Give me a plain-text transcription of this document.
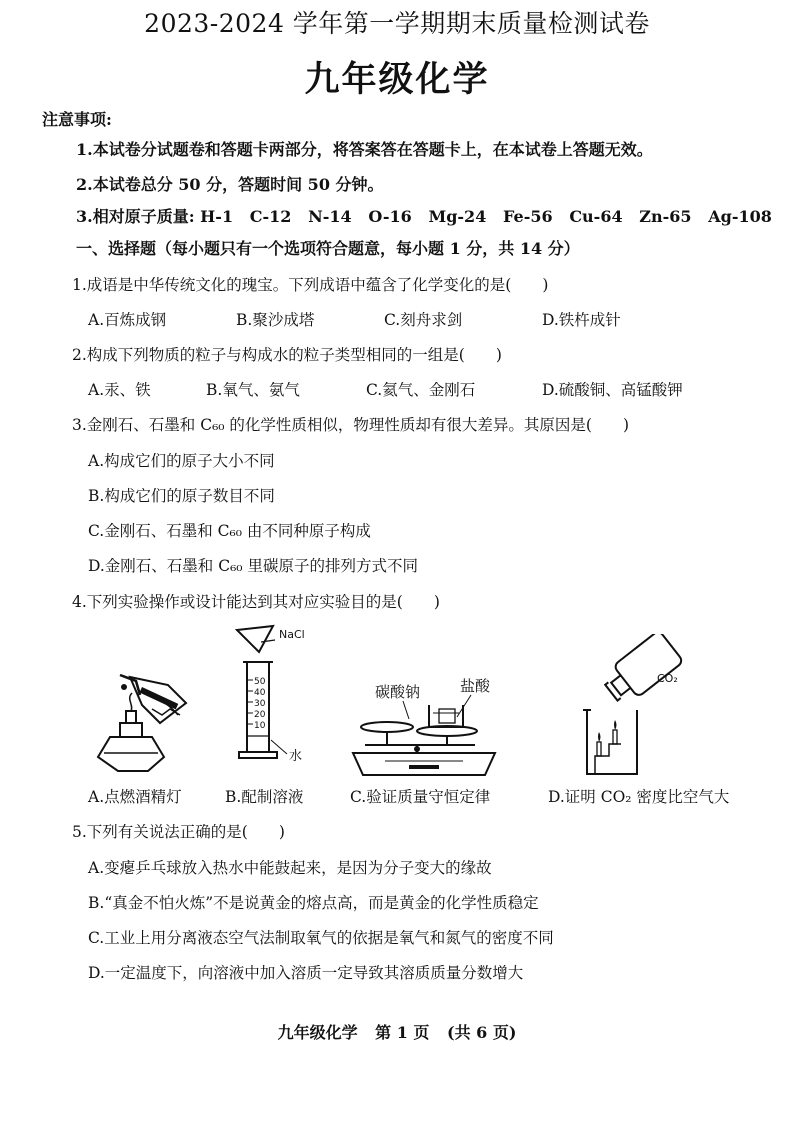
2023-2024 学年第一学期期末质量检测试卷
九年级化学
注意事项:
1.本试卷分试题卷和答题卡两部分，将答案答在答题卡上，在本试卷上答题无效。
2.本试卷总分 50 分，答题时间 50 分钟。
3.相对原子质量: H-1   C-12   N-14   O-16   Mg-24   Fe-56   Cu-64   Zn-65   Ag-108
一、选择题（每小题只有一个选项符合题意，每小题 1 分，共 14 分）
1.成语是中华传统文化的瑰宝。下列成语中蕴含了化学变化的是(　　)
A.百炼成钢	B.聚沙成塔	C.刻舟求剑	D.铁杵成针
2.构成下列物质的粒子与构成水的粒子类型相同的一组是(　　)
A.汞、铁	B.氧气、氨气	C.氦气、金刚石	D.硫酸铜、高锰酸钾
3.金刚石、石墨和 C₆₀ 的化学性质相似，物理性质却有很大差异。其原因是(　　)
A.构成它们的原子大小不同
B.构成它们的原子数目不同
C.金刚石、石墨和 C₆₀ 由不同种原子构成
D.金刚石、石墨和 C₆₀ 里碳原子的排列方式不同
4.下列实验操作或设计能达到其对应实验目的是(　　)
NaCl
50
40
30
20
10
水
碳酸钠	盐酸	CO₂
A.点燃酒精灯	B.配制溶液	C.验证质量守恒定律	D.证明 CO₂ 密度比空气大
5.下列有关说法正确的是(　　)
A.变瘪乒乓球放入热水中能鼓起来，是因为分子变大的缘故
B.“真金不怕火炼”不是说黄金的熔点高，而是黄金的化学性质稳定
C.工业上用分离液态空气法制取氧气的依据是氧气和氮气的密度不同
D.一定温度下，向溶液中加入溶质一定导致其溶质质量分数增大
九年级化学 第 1 页 (共 6 页)
